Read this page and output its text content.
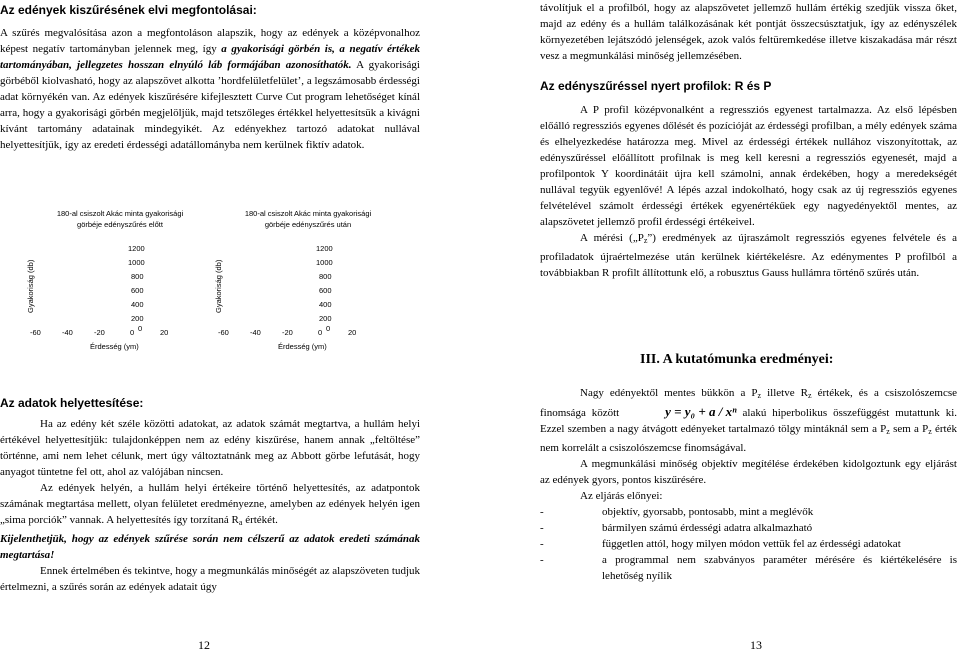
Az edények kiszűrésének elvi megfontolásai:

A szűrés megvalósítása azon a megfontoláson alapszik, hogy az edények a középvonalhoz képest negatív tartományban jelennek meg, így a gyakorisági görbén is, a negatív értékek tartományában, jellegzetes hosszan elnyúló láb formájában azonosíthatók. A gyakorisági görbéből kiolvasható, hogy az alapszövet alkotta ’hordfelületfelület’, a legszámosabb érdességi adat környékén van. Az edények kiszűrésére kifejlesztett Curve Cut program lehetőséget kínál arra, hogy a gyakorisági görbén megjelöljük, majd tetszőleges értékkel helyettesítsük a kivágni kívánt tartomány adatainak mindegyikét. Az edényekhez tartozó adatokat nullával helyettesítjük, így az eredeti érdességi adatállományba nem kerülnek fiktív adatok.

180-al csiszolt Akác minta gyakorisági
görbéje edényszűrés előtt
Gyakoriság (db)
1200
1000
800
600
400
200
0
-60	-40	-20	0	20
Érdesség (ym)
180-al csiszolt Akác minta gyakorisági
görbéje edényszűrés után
Gyakoriság (db)
1200
1000
800
600
400
200
0
-60	-40	-20	0	20
Érdesség (ym)
Az adatok helyettesítése:

Ha az edény két széle közötti adatokat, az adatok számát megtartva, a hullám helyi értékével helyettesítjük: tulajdonképpen nem az edény kiszűrése, hanem annak „feltöltése” történne, ami nem lehet célunk, mert úgy változtatnánk meg az Abbott görbe lefutását, hogy anyagot tüntetne fel ott, ahol az valójában nincsen.

Az edények helyén, a hullám helyi értékeire történő helyettesítés, az adatpontok számának megtartása mellett, olyan felületet eredményezne, amelyben az edények helyén igen „sima porciók” vannak. A helyettesítés így torzítaná $R_a$ értékét.

Kijelenthetjük, hogy az edények szűrése során nem célszerű az adatok eredeti számának megtartása!

Ennek értelmében és tekintve, hogy a megmunkálás minőségét az alapszöveten tudjuk értelmezni, a szűrés során az edények adatait úgy

12

távolítjuk el a profilból, hogy az alapszövetet jellemző hullám értékig szedjük vissza őket, majd az edény és a hullám találkozásának két pontját összecsúsztatjuk, így az edényszélek környezetében lejátszódó jelenségek, azok valós feltüremkedése illetve kiszakadása már részt vesz a megmunkálási minőség jellemzésében.

Az edényszűréssel nyert profilok: R és P

A P profil középvonalként a regressziós egyenest tartalmazza. Az első lépésben előálló regressziós egyenes dőlését és pozícióját az érdességi profilban, a mély edények száma és elhelyezkedése határozza meg. Mivel az érdességi értékek nullához viszonyítottak, az edényszűréssel előállított profilnak is meg kell keresni a regressziós egyenesét, majd a profilpontok Y koordinátáit újra kell számolni, annak érdekében, hogy a meredekségét nullával tegyük egyenlővé! A lépés azzal indokolható, hogy csak az új regressziós egyenes felvételével számolt érdességi értékek egyenértékűek egy nagyedényektől mentes, az alapszövetet jellemző profil érdességi értékeivel.

A mérési $(„P_z”)$ eredmények az újraszámolt regressziós egyenes felvétele és a profiladatok újraértelmezése után kerülnek kiértékelésre. Az edénymentes P profilból a továbbiakban R profilt állítottunk elő, a robusztus Gauss hullámra történő szűrés után.

III. A kutatómunka eredményei:

Nagy edényektől mentes bükkön a $P_z$ illetve $R_z$ értékek, és a csiszolószemcse finomsága között	y = y₀ + a / xⁿ alakú hiperbolikus összefüggést mutattunk ki. Ezzel szemben a nagy átvágott edényeket tartalmazó tölgy mintáknál sem a $P_z$ sem a $P_z$ érték nem korrelált a csiszolószemcse finomságával.

A megmunkálási minőség objektív megítélése érdekében kidolgoztunk egy eljárást az edények gyors, pontos kiszűrésére.

Az eljárás előnyei:

- objektív, gyorsabb, pontosabb, mint a meglévők
- bármilyen számú érdességi adatra alkalmazható
- független attól, hogy milyen módon vettük fel az érdességi adatokat
- a programmal nem szabványos paraméter mérésére és kiértékelésére is lehetőség nyílik
13
